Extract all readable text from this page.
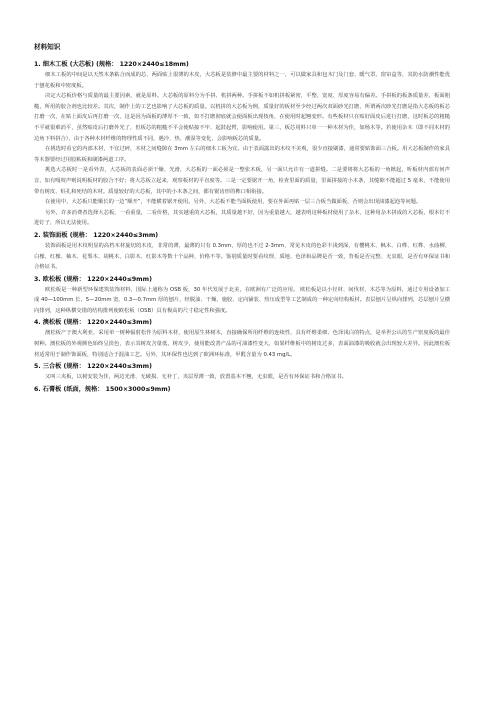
材料知识
1. 细木工板 (大芯板) (规格： 1220×2440≤18mm)

细木工板的中间是以天然木条粘合而成的芯，两面贴上很薄的木皮，大芯板是装修中最主要的材料之一，可以做家具和包木门及门套、暖气罩、窗帘盒等，其防水防潮性能优于刨花板和中密度板。

决定大芯板价格与质量的最主要因素，就是原料。大芯板的原料分为手拼、机拼两种。手拼板不如机拼板紧密，平整、宽度、厚度容易有偏差。手拼板的板条质量差，板面粗糙，所用的胶合剂也比较差。其次，制作上的工艺也影响了大芯板的质量。以机拼的大芯板为例，质量好的板材至少经过两次双面砂光打磨，所谓两次砂光打磨是指大芯板的板芯打磨一次，在贴上面皮后再打磨一次，这是因为面板的薄厚不一致，如不打磨彻底就会使面板出现枝角，在使用时起翘变形。有些板材只在贴好面皮后进行打磨，这时板芯的粗糙不平就很难消平，虽然贴皮后打磨外光了，但板芯的粗糙不平会使贴接不牢、起鼓起臂，影响使用。第三，板芯用料只单一一种木材为佳，如杨木等。若使用杂木（即不同木材的边角下料拼合），由于各种木材纤维的物理性质不同，遇冷、热、潮湿等变化，会影响板芯的质量。

在挑选时看它的内部木材，不宜过碎，木材之间缝隙在 3mm 左右的细木工板为宜。由于表面露出的木纹不美观，很少直接刷漆，通常要贴饰面三合板。用大芯板制作的家具等木器要经过用胶粘板和刷漆两道工序。

挑选大芯板时一是看外表，大芯板的表面必须干燥、光滑，大芯板的一面必须是一整张木板，另一面只允许有一道拼缝。二是要将将大芯板的一角掀起，听板材内部有何声音，如有嘎吱声则说明板材的胶合不好；将大芯板立起来，观察板材的平直度等。三是一定要锯开一角，检查里面的质量，里面拼接的小木条，其缝隙不能超过 5 毫米，不能使用带有树皮、蛀孔和死结的木材。质量较好的大芯板，其中的小木条之间，都有锯齿形的榫口相衔接。

在使用中，大芯板只能顺长的一边“顺开”，不能横着锯开使用。另外，大芯板不能当面板使用，要在外面再贴一层三合板当做面板，否则会出现油漆起泡等问题。

另外，许多消费者选择大芯板，一看重量，二看价格，其实越重的大芯板，其质量越不好，因为重量越大，越表明这种板材使用了杂木，这种用杂木拼成的大芯板，根本钉不进钉子，所以无法使用。

2. 装饰面板 (规格： 1220×2440≤3mm)

装饰面板是用木纹明显的高档木材旋切的木皮，非常的薄，最薄的只有 0.3mm，厚的也不过 2-3mm，常见木皮的色彩丰浅到深，有樱桃木、枫木、白桦、红桦、水曲柳、白橡、红橡、柚木、花梨木、胡桃木、白影木、红影木等数十个品种，价格不等。鉴别质量时要看纹理、质地、色泽和品牌是否一致，背板是否完整、无虫眼，是否有环保证书和合格证书。

3. 欧松板 (规格： 1220×2440≤9mm)

欧松板是一种新型环保建筑装饰材料，国际上通称为 OSB 板，30 年代发展于北美，在欧洲有广泛的应用。 欧松板是以小径材、间伐材、木芯等为原料，通过专用设备加工成 40—100mm 长、5—20mm 宽、0.3—0.7mm 厚的刨片，经脱油、干燥、施胶、定向铺装、热压成型等工艺制成的一种定向结构板材。表层刨片呈纵向排列，芯层刨片呈横向排列，这种纵横交错的结构排列使欧松板（OSB）具有极高的尺寸稳定性和强度。

4. 澳松板 (规格： 1220×2440≤3mm)

澳松板产于澳大利亚，采用单一树种辐射松作为原料木材，使用原生林树木，直接确保所用纤维的连续性，具有纤维柔细、色泽浅白的特点，是举世公认的生产密度板的最佳树种。澳松板的外观颜色始终呈淡色，表示其树皮含量低，树皮少，使用能改善产品的可油漆性变大，如果纤维板中的树皮过多，表面油漆的吸收就会出现较大差异。因此澳松板材适常用于制作饰面板，特别适合于混油工艺。另外，其环保性也达到了欧洲环标准，甲醛含量为 0.43 mg/L。

5. 三合板 (规格： 1220×2440≤3mm)

又叫三夹板，以树安装为佳，两边光滑、无破损、无补丁，夹层厚薄一致，放置基本不翘，无虫眼，是否有环保证书和合格证书。

6. 石膏板 (纸面，规格： 1500×3000≤9mm)
